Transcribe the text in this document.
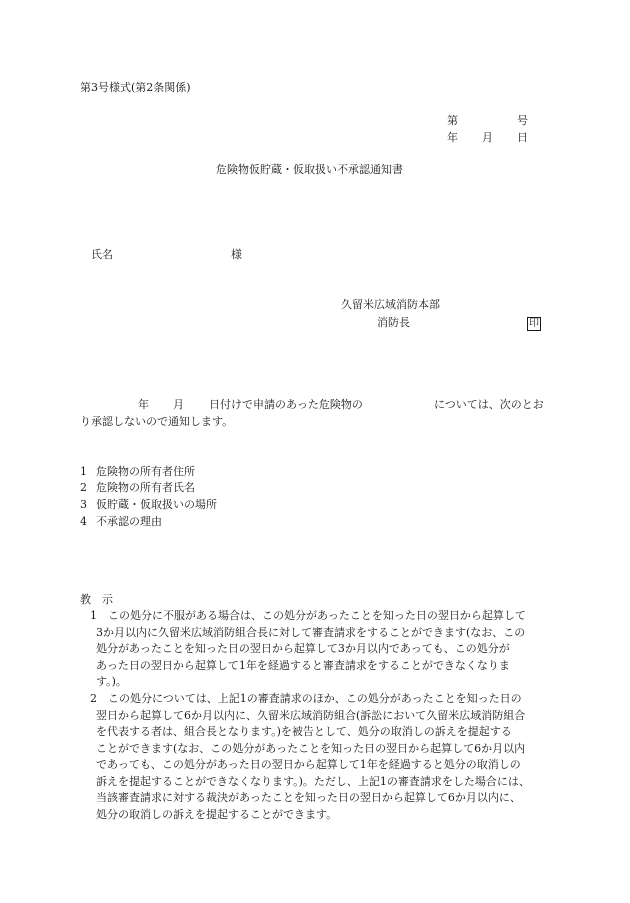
第3号様式(第2条関係)
第	号
年 月 日
危険物仮貯蔵・仮取扱い不承認通知書
氏名	様
久留米広域消防本部
消防長	印
年 月 日付けで申請のあった危険物の	については、次のとお
り承認しないので通知します。
1 危険物の所有者住所
2 危険物の所有者氏名
3 仮貯蔵・仮取扱いの場所
4 不承認の理由
教　示
1 この処分に不服がある場合は、この処分があったことを知った日の翌日から起算して
3か月以内に久留米広域消防組合長に対して審査請求をすることができます(なお、この
処分があったことを知った日の翌日から起算して3か月以内であっても、この処分が
あった日の翌日から起算して1年を経過すると審査請求をすることができなくなりま
す。)。
2 この処分については、上記1の審査請求のほか、この処分があったことを知った日の
翌日から起算して6か月以内に、久留米広域消防組合(訴訟において久留米広域消防組合
を代表する者は、組合長となります。)を被告として、処分の取消しの訴えを提起する
ことができます(なお、この処分があったことを知った日の翌日から起算して6か月以内
であっても、この処分があった日の翌日から起算して1年を経過すると処分の取消しの
訴えを提起することができなくなります。)。ただし、上記1の審査請求をした場合には、
当該審査請求に対する裁決があったことを知った日の翌日から起算して6か月以内に、
処分の取消しの訴えを提起することができます。
